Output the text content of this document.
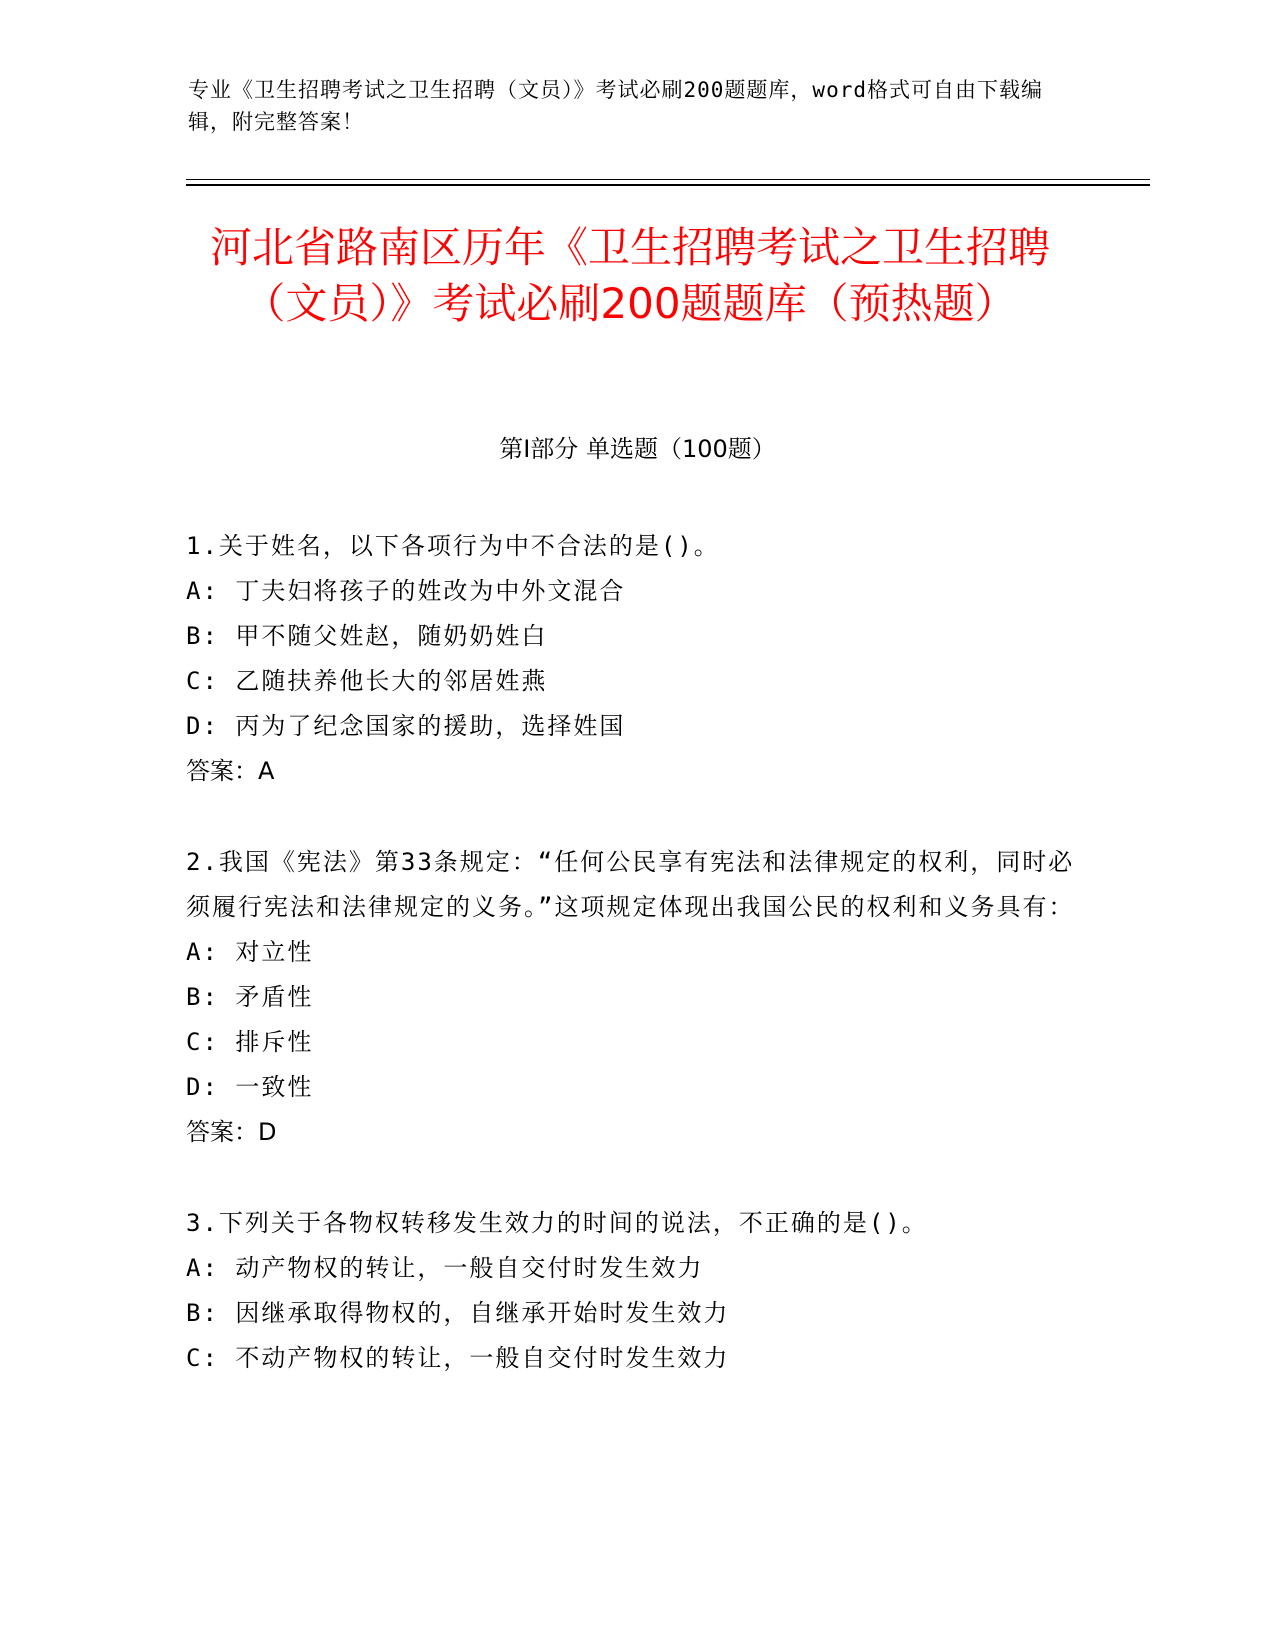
专业《卫生招聘考试之卫生招聘（文员）》考试必刷200题题库，word格式可自由下载编辑，附完整答案！
河北省路南区历年《卫生招聘考试之卫生招聘（文员）》考试必刷200题题库（预热题）
第Ⅰ部分 单选题（100题）
1.关于姓名，以下各项行为中不合法的是()。
A: 丁夫妇将孩子的姓改为中外文混合
B: 甲不随父姓赵，随奶奶姓白
C: 乙随扶养他长大的邻居姓燕
D: 丙为了纪念国家的援助，选择姓国
答案：A
2.我国《宪法》第33条规定：“任何公民享有宪法和法律规定的权利，同时必须履行宪法和法律规定的义务。”这项规定体现出我国公民的权利和义务具有：
A: 对立性
B: 矛盾性
C: 排斥性
D: 一致性
答案：D
3.下列关于各物权转移发生效力的时间的说法，不正确的是()。
A: 动产物权的转让，一般自交付时发生效力
B: 因继承取得物权的，自继承开始时发生效力
C: 不动产物权的转让，一般自交付时发生效力
